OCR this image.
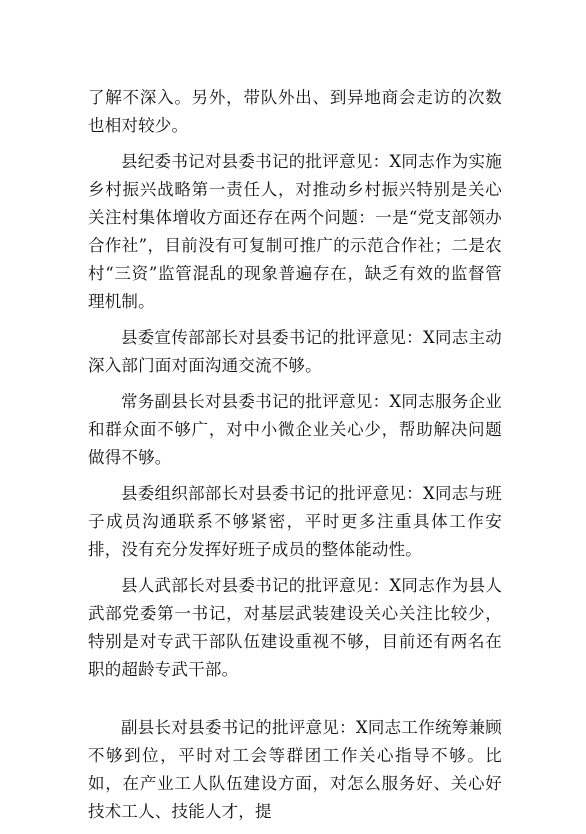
了解不深入。另外，带队外出、到异地商会走访的次数也相对较少。

县纪委书记对县委书记的批评意见：X同志作为实施乡村振兴战略第一责任人，对推动乡村振兴特别是关心关注村集体增收方面还存在两个问题：一是“党支部领办合作社”，目前没有可复制可推广的示范合作社；二是农村“三资”监管混乱的现象普遍存在，缺乏有效的监督管理机制。

县委宣传部部长对县委书记的批评意见：X同志主动深入部门面对面沟通交流不够。

常务副县长对县委书记的批评意见：X同志服务企业和群众面不够广，对中小微企业关心少，帮助解决问题做得不够。

县委组织部部长对县委书记的批评意见：X同志与班子成员沟通联系不够紧密，平时更多注重具体工作安排，没有充分发挥好班子成员的整体能动性。

县人武部长对县委书记的批评意见：X同志作为县人武部党委第一书记，对基层武装建设关心关注比较少，特别是对专武干部队伍建设重视不够，目前还有两名在职的超龄专武干部。

副县长对县委书记的批评意见：X同志工作统筹兼顾不够到位，平时对工会等群团工作关心指导不够。比如，在产业工人队伍建设方面，对怎么服务好、关心好技术工人、技能人才，提
